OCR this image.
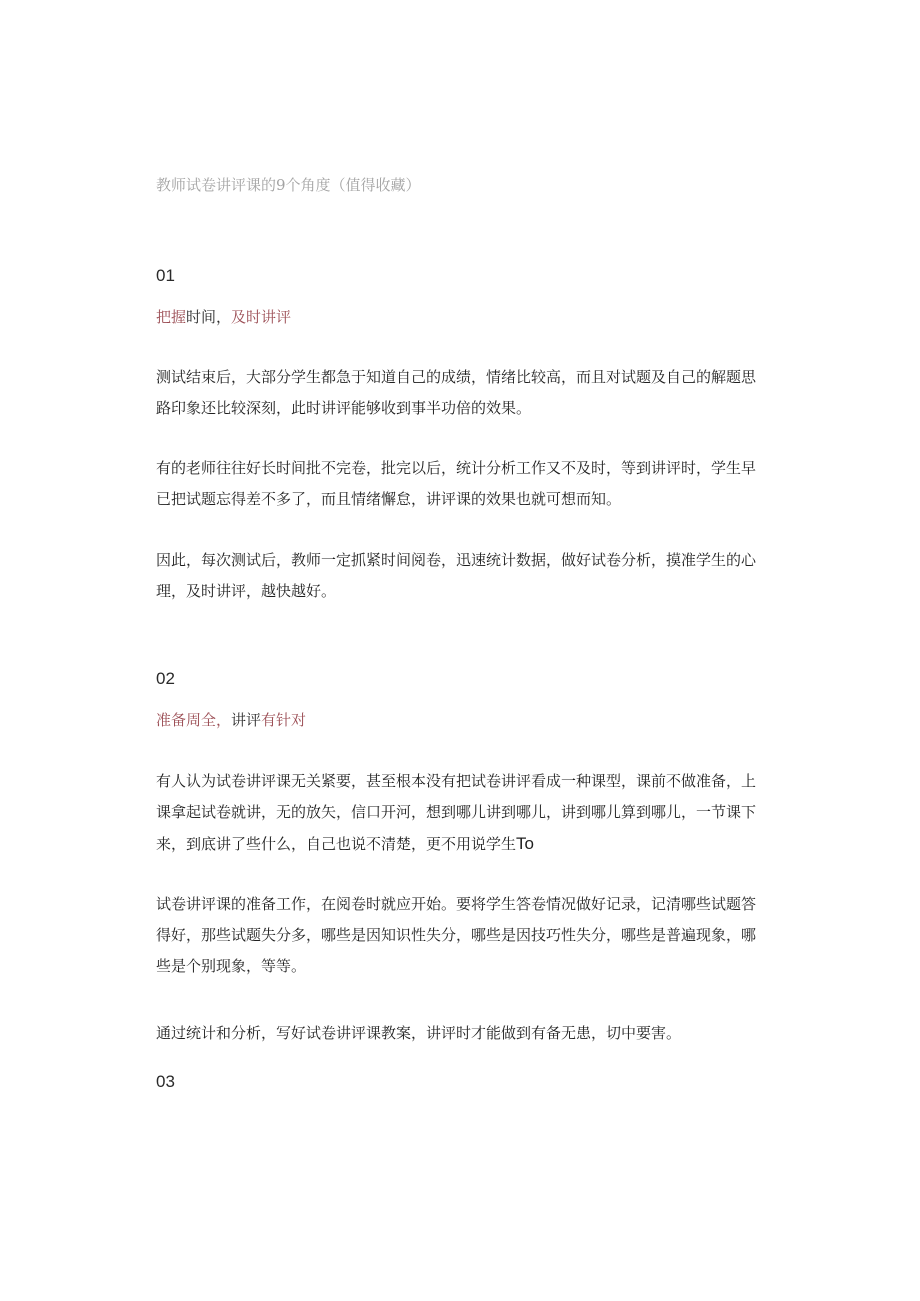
教师试卷讲评课的9个角度（值得收藏）
01
把握时间，及时讲评

测试结束后，大部分学生都急于知道自己的成绩，情绪比较高，而且对试题及自己的解题思路印象还比较深刻，此时讲评能够收到事半功倍的效果。

有的老师往往好长时间批不完卷，批完以后，统计分析工作又不及时，等到讲评时，学生早已把试题忘得差不多了，而且情绪懈怠，讲评课的效果也就可想而知。

因此，每次测试后，教师一定抓紧时间阅卷，迅速统计数据，做好试卷分析，摸准学生的心理，及时讲评，越快越好。

02
准备周全，讲评有针对

有人认为试卷讲评课无关紧要，甚至根本没有把试卷讲评看成一种课型，课前不做准备，上课拿起试卷就讲，无的放矢，信口开河，想到哪儿讲到哪儿，讲到哪儿算到哪儿，一节课下来，到底讲了些什么，自己也说不清楚，更不用说学生To

试卷讲评课的准备工作，在阅卷时就应开始。要将学生答卷情况做好记录，记清哪些试题答得好，那些试题失分多，哪些是因知识性失分，哪些是因技巧性失分，哪些是普遍现象，哪些是个别现象，等等。

通过统计和分析，写好试卷讲评课教案，讲评时才能做到有备无患，切中要害。

03
